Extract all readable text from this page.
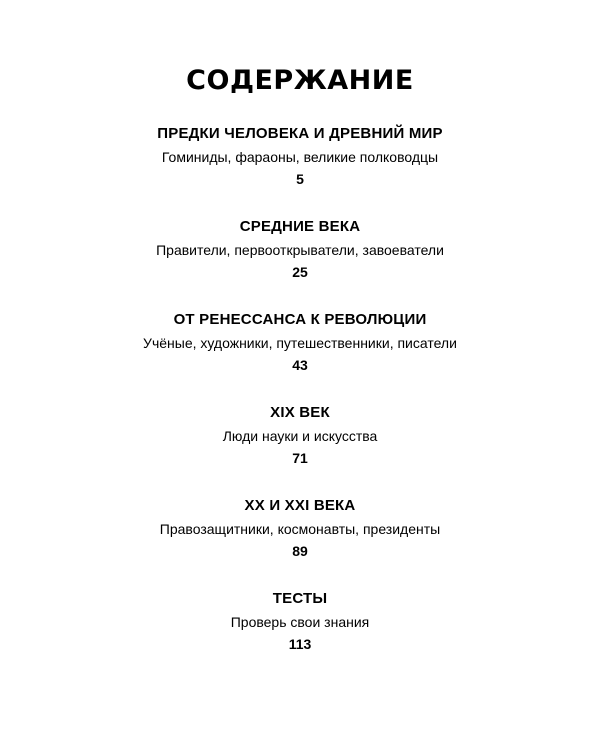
СОДЕРЖАНИЕ
ПРЕДКИ ЧЕЛОВЕКА И ДРЕВНИЙ МИР
Гоминиды, фараоны, великие полководцы
5
СРЕДНИЕ ВЕКА
Правители, первооткрыватели, завоеватели
25
ОТ РЕНЕССАНСА К РЕВОЛЮЦИИ
Учёные, художники, путешественники, писатели
43
XIX ВЕК
Люди науки и искусства
71
XX И XXI ВЕКА
Правозащитники, космонавты, президенты
89
ТЕСТЫ
Проверь свои знания
113
